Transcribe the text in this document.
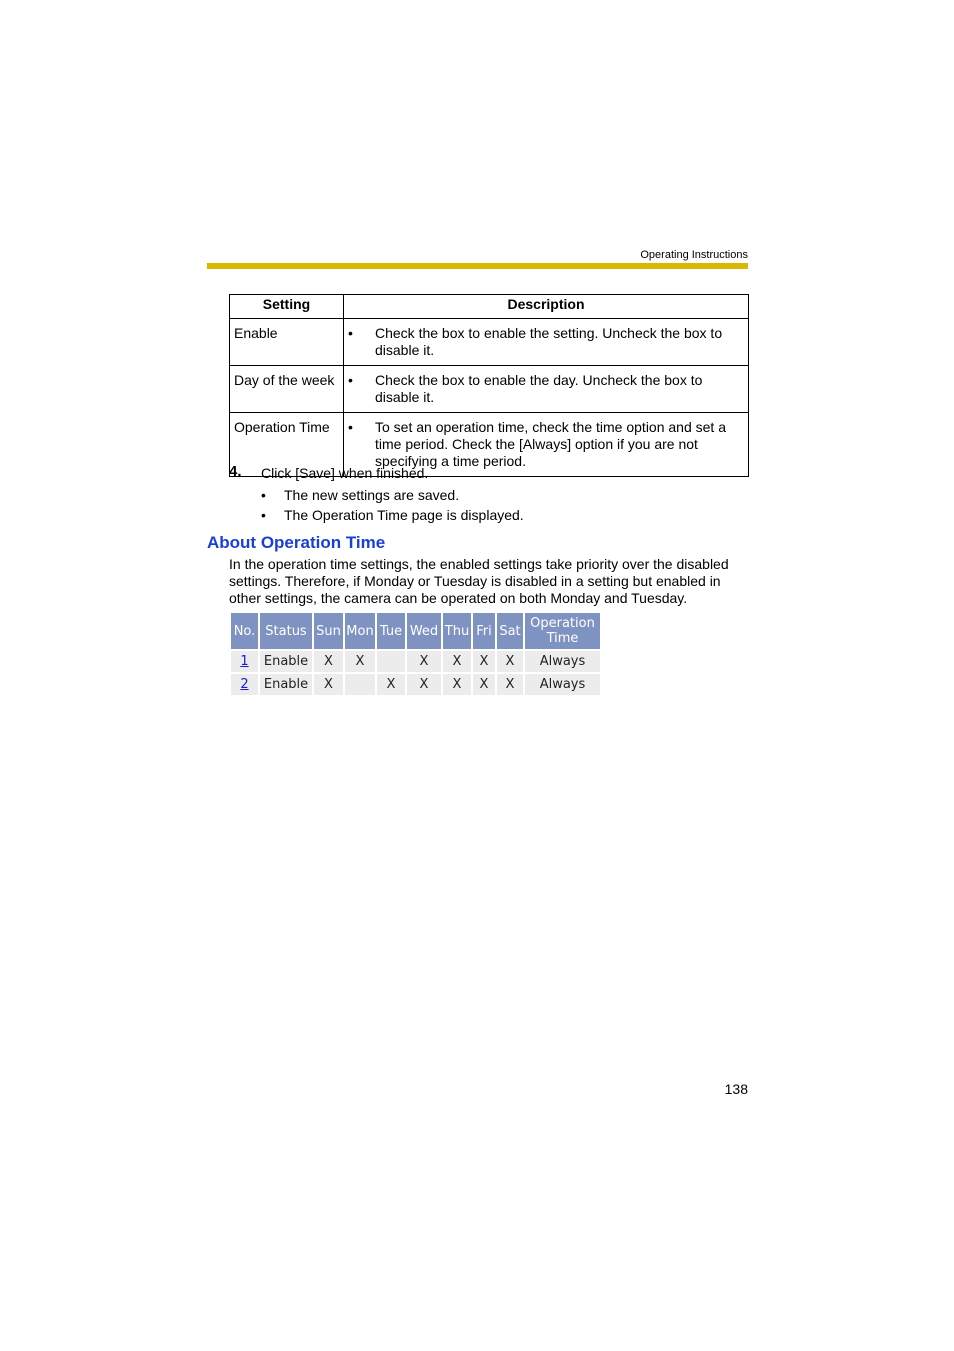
Operating Instructions
Setting	Description
Enable	• Check the box to enable the setting. Uncheck the box to disable it.
Day of the week	• Check the box to enable the day. Uncheck the box to disable it.
Operation Time	• To set an operation time, check the time option and set a time period. Check the [Always] option if you are not specifying a time period.
4. Click [Save] when finished.
• The new settings are saved.
• The Operation Time page is displayed.
About Operation Time
In the operation time settings, the enabled settings take priority over the disabled settings. Therefore, if Monday or Tuesday is disabled in a setting but enabled in other settings, the camera can be operated on both Monday and Tuesday.
No.	Status	Sun	Mon	Tue	Wed	Thu	Fri	Sat	Operation Time
1	Enable	X	X		X	X	X	X	Always
2	Enable	X		X	X	X	X	X	Always
138
